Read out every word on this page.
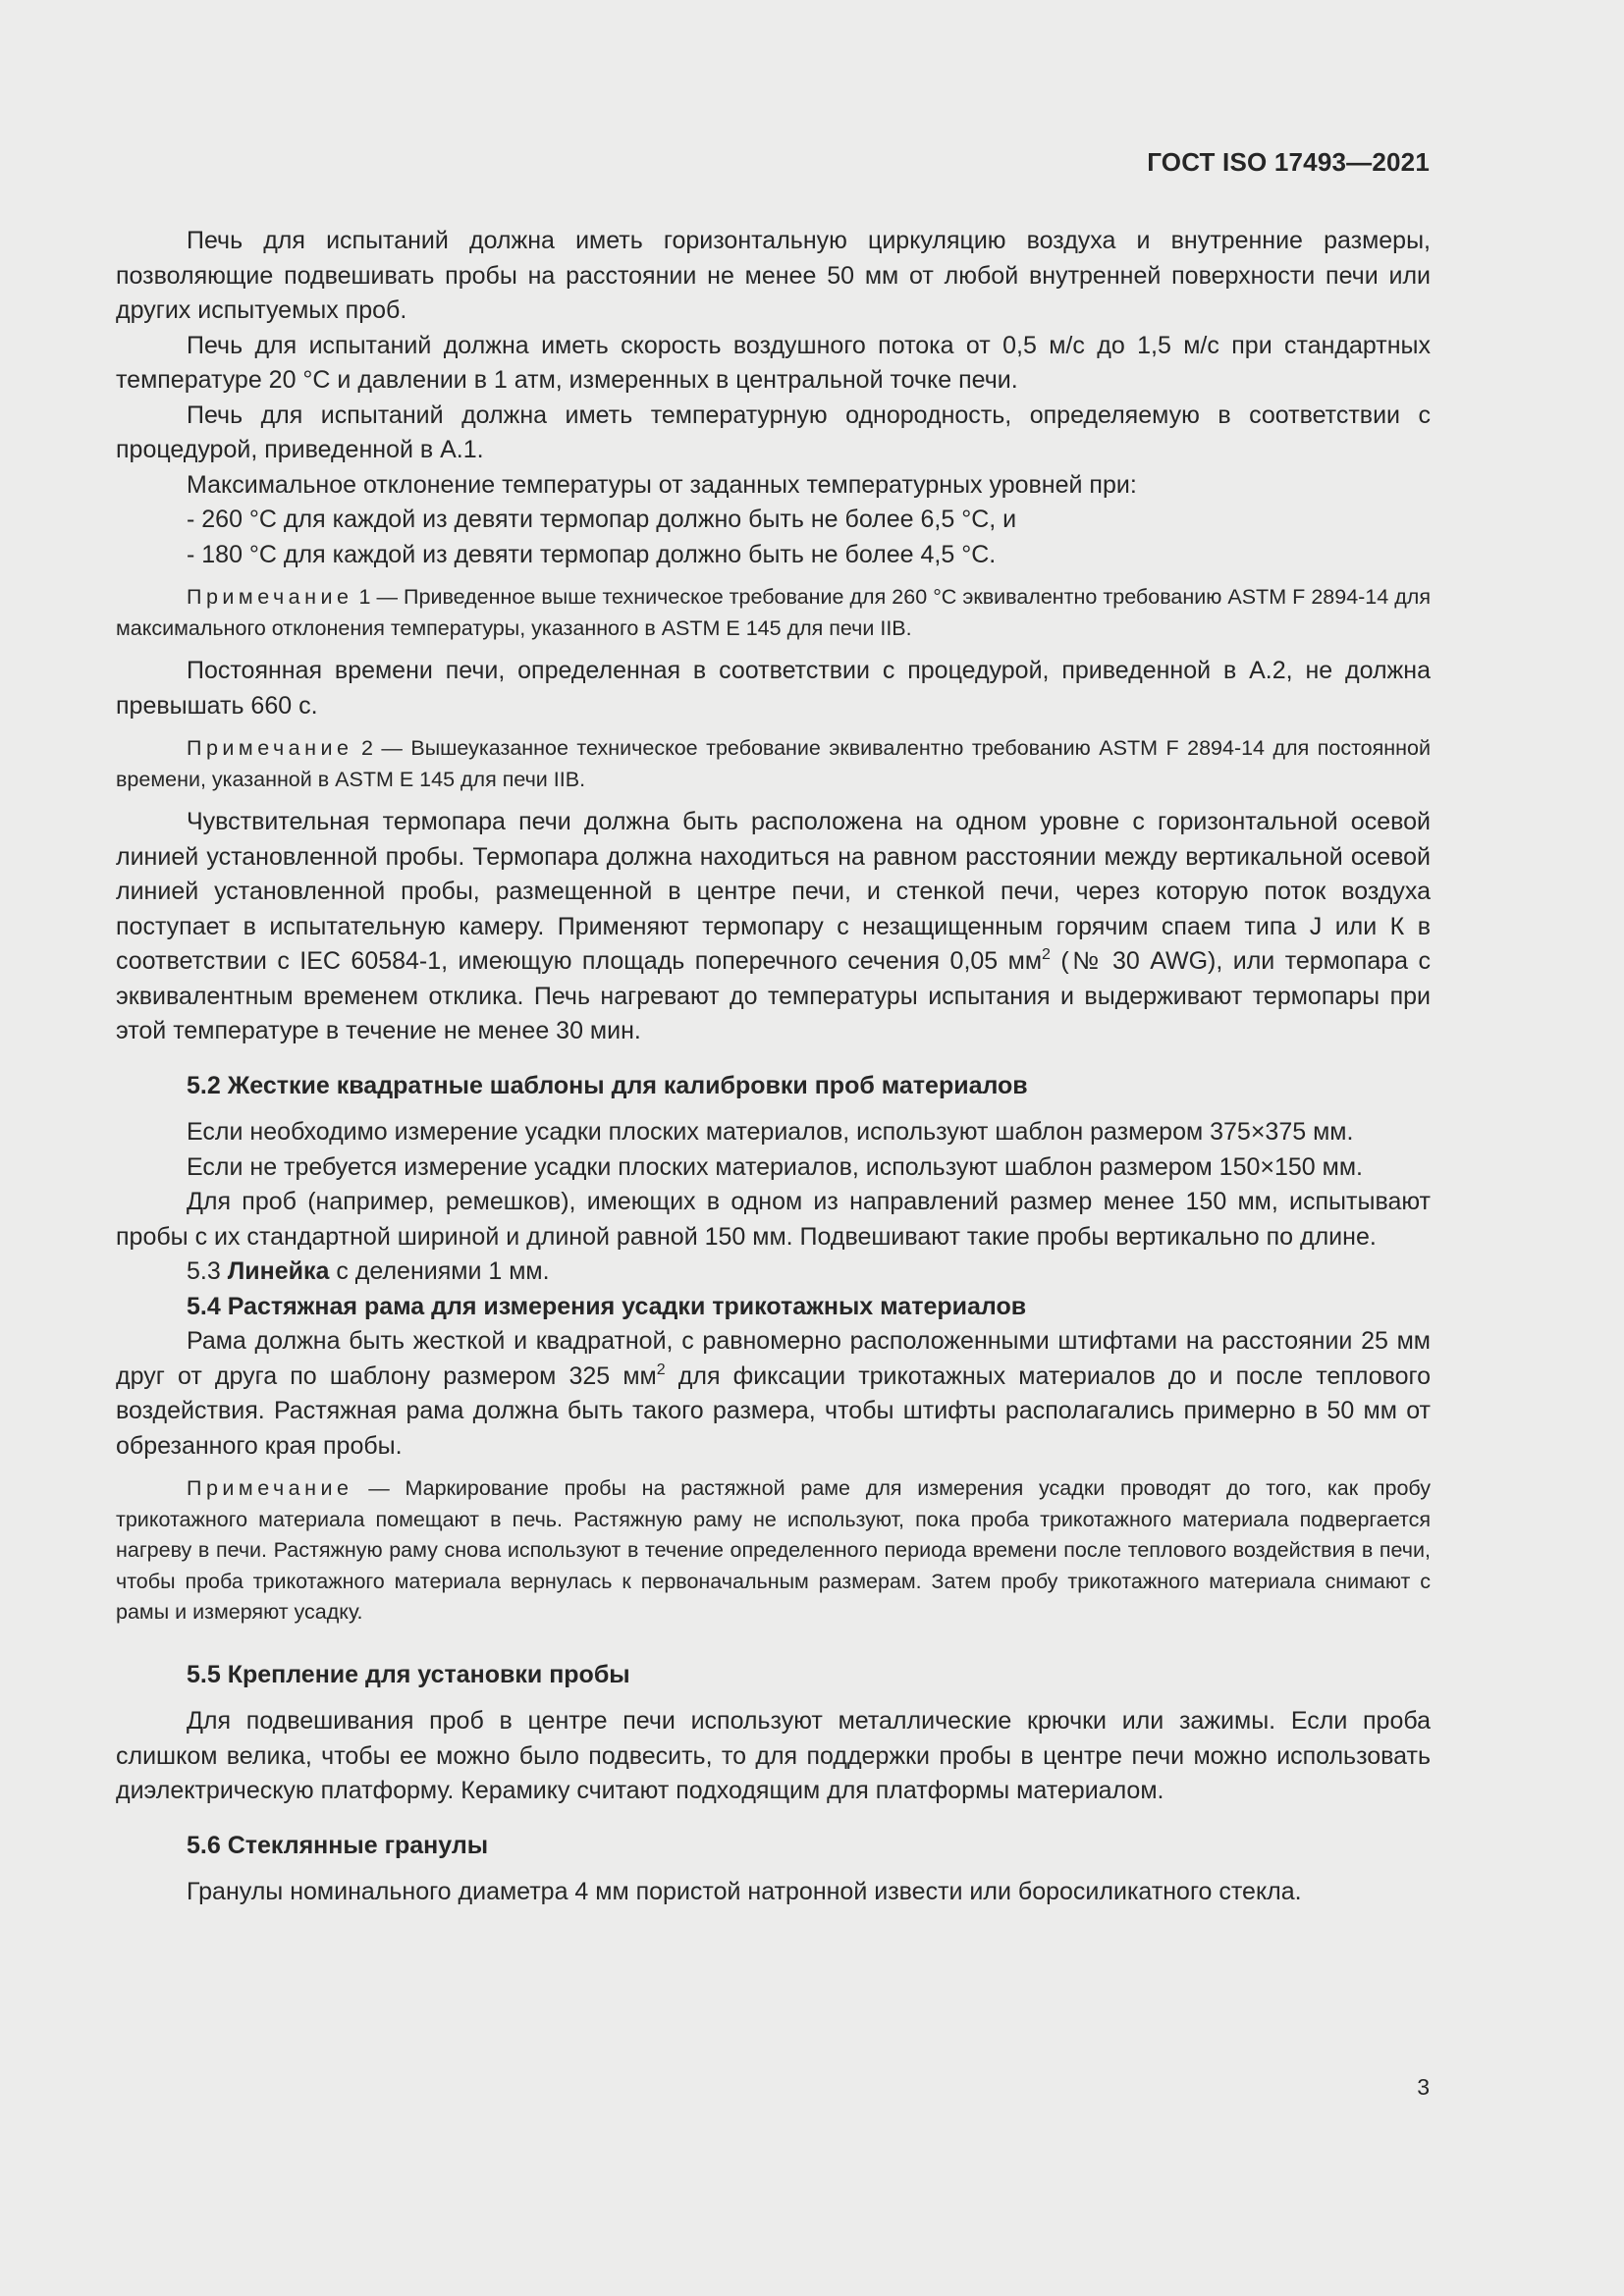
ГОСТ ISO 17493—2021

Печь для испытаний должна иметь горизонтальную циркуляцию воздуха и внутренние размеры, позволяющие подвешивать пробы на расстоянии не менее 50 мм от любой внутренней поверхности печи или других испытуемых проб.

Печь для испытаний должна иметь скорость воздушного потока от 0,5 м/с до 1,5 м/с при стандартных температуре 20 °С и давлении в 1 атм, измеренных в центральной точке печи.

Печь для испытаний должна иметь температурную однородность, определяемую в соответствии с процедурой, приведенной в А.1.

Максимальное отклонение температуры от заданных температурных уровней при:

- 260 °С для каждой из девяти термопар должно быть не более 6,5 °С, и

- 180 °С для каждой из девяти термопар должно быть не более 4,5 °С.

Примечание 1 — Приведенное выше техническое требование для 260 °С эквивалентно требованию ASTM F 2894-14 для максимального отклонения температуры, указанного в ASTM Е 145 для печи IIB.

Постоянная времени печи, определенная в соответствии с процедурой, приведенной в А.2, не должна превышать 660 с.

Примечание 2 — Вышеуказанное техническое требование эквивалентно требованию ASTM F 2894-14 для постоянной времени, указанной в ASTM Е 145 для печи IIB.

Чувствительная термопара печи должна быть расположена на одном уровне с горизонтальной осевой линией установленной пробы. Термопара должна находиться на равном расстоянии между вертикальной осевой линией установленной пробы, размещенной в центре печи, и стенкой печи, через которую поток воздуха поступает в испытательную камеру. Применяют термопару с незащищенным горячим спаем типа J или К в соответствии с IEC 60584-1, имеющую площадь поперечного сечения 0,05 $мм^2$ (№ 30 AWG), или термопара с эквивалентным временем отклика. Печь нагревают до температуры испытания и выдерживают термопары при этой температуре в течение не менее 30 мин.

5.2 Жесткие квадратные шаблоны для калибровки проб материалов

Если необходимо измерение усадки плоских материалов, используют шаблон размером 375×375 мм.

Если не требуется измерение усадки плоских материалов, используют шаблон размером 150×150 мм.

Для проб (например, ремешков), имеющих в одном из направлений размер менее 150 мм, испытывают пробы с их стандартной шириной и длиной равной 150 мм. Подвешивают такие пробы вертикально по длине.

5.3 Линейка с делениями 1 мм.

5.4 Растяжная рама для измерения усадки трикотажных материалов

Рама должна быть жесткой и квадратной, с равномерно расположенными штифтами на расстоянии 25 мм друг от друга по шаблону размером 325 $мм^2$ для фиксации трикотажных материалов до и после теплового воздействия. Растяжная рама должна быть такого размера, чтобы штифты располагались примерно в 50 мм от обрезанного края пробы.

Примечание — Маркирование пробы на растяжной раме для измерения усадки проводят до того, как пробу трикотажного материала помещают в печь. Растяжную раму не используют, пока проба трикотажного материала подвергается нагреву в печи. Растяжную раму снова используют в течение определенного периода времени после теплового воздействия в печи, чтобы проба трикотажного материала вернулась к первоначальным размерам. Затем пробу трикотажного материала снимают с рамы и измеряют усадку.

5.5 Крепление для установки пробы

Для подвешивания проб в центре печи используют металлические крючки или зажимы. Если проба слишком велика, чтобы ее можно было подвесить, то для поддержки пробы в центре печи можно использовать диэлектрическую платформу. Керамику считают подходящим для платформы материалом.

5.6 Стеклянные гранулы

Гранулы номинального диаметра 4 мм пористой натронной извести или боросиликатного стекла.

3
